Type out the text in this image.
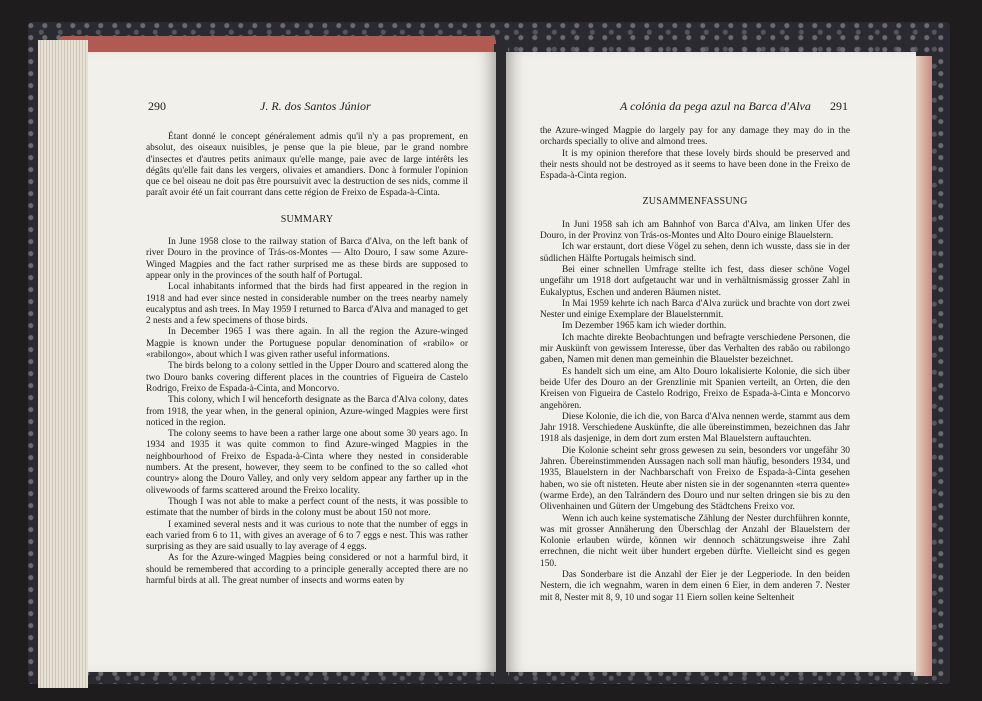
290	J. R. dos Santos Júnior

Étant donné le concept généralement admis qu'il n'y a pas proprement, en absolut, des oiseaux nuisibles, je pense que la pie bleue, par le grand nombre d'insectes et d'autres petits animaux qu'elle mange, paie avec de large intérêts les dégâts qu'elle fait dans les vergers, olivaies et amandiers. Donc à formuler l'opinion que ce bel oiseau ne doit pas être poursuivit avec la destruction de ses nids, comme il paraît avoir été un fait courrant dans cette région de Freixo de Espada-à-Cinta.

SUMMARY

In June 1958 close to the railway station of Barca d'Alva, on the left bank of river Douro in the province of Trás-os-Montes — Alto Douro, I saw some Azure-Winged Magpies and the fact rather surprised me as these birds are supposed to appear only in the provinces of the south half of Portugal.

Local inhabitants informed that the birds had first appeared in the region in 1918 and had ever since nested in considerable number on the trees nearby namely eucalyptus and ash trees. In May 1959 I returned to Barca d'Alva and managed to get 2 nests and a few specimens of those birds.

In December 1965 I was there again. In all the region the Azure-winged Magpie is known under the Portuguese popular denomination of «rabilo» or «rabilongo», about which I was given rather useful informations.

The birds belong to a colony settled in the Upper Douro and scattered along the two Douro banks covering different places in the countries of Figueira de Castelo Rodrigo, Freixo de Espada-à-Cinta, and Moncorvo.

This colony, which I wil henceforth designate as the Barca d'Alva colony, dates from 1918, the year when, in the general opinion, Azure-winged Magpies were first noticed in the region.

The colony seems to have been a rather large one about some 30 years ago. In 1934 and 1935 it was quite common to find Azure-winged Magpies in the neighbourhood of Freixo de Espada-à-Cinta where they nested in considerable numbers. At the present, however, they seem to be confined to the so called «hot country» along the Douro Valley, and only very seldom appear any farther up in the olivewoods of farms scattered around the Freixo locality.

Though I was not able to make a perfect count of the nests, it was possible to estimate that the number of birds in the colony must be about 150 not more.

I examined several nests and it was curious to note that the number of eggs in each varied from 6 to 11, with gives an average of 6 to 7 eggs e nest. This was rather surprising as they are said usually to lay average of 4 eggs.

As for the Azure-winged Magpies being considered or not a harmful bird, it should be remembered that according to a principle generally accepted there are no harmful birds at all. The great number of insects and worms eaten by

A colónia da pega azul na Barca d'Alva 291

the Azure-winged Magpie do largely pay for any damage they may do in the orchards specially to olive and almond trees.

It is my opinion therefore that these lovely birds should be preserved and their nests should not be destroyed as it seems to have been done in the Freixo de Espada-à-Cinta region.

ZUSAMMENFASSUNG

In Juni 1958 sah ich am Bahnhof von Barca d'Alva, am linken Ufer des Douro, in der Provinz von Trás-os-Montes und Alto Douro einige Blauelstern.

Ich war erstaunt, dort diese Vögel zu sehen, denn ich wusste, dass sie in der südlichen Hälfte Portugals heimisch sind.

Bei einer schnellen Umfrage stellte ich fest, dass dieser schöne Vogel ungefähr um 1918 dort aufgetaucht war und in verhältnismässig grosser Zahl in Eukalyptus, Eschen und anderen Bäumen nistet.

In Mai 1959 kehrte ich nach Barca d'Alva zurück und brachte von dort zwei Nester und einige Exemplare der Blauelsternmit.

Im Dezember 1965 kam ich wieder dorthin.

Ich machte direkte Beobachtungen und befragte verschiedene Personen, die mir Auskünft von gewissem Interesse, über das Verhalten des rabão ou rabilongo gaben, Namen mit denen man gemeinhin die Blauelster bezeichnet.

Es handelt sich um eine, am Alto Douro lokalisierte Kolonie, die sich über beide Ufer des Douro an der Grenzlinie mit Spanien verteilt, an Orten, die den Kreisen von Figueira de Castelo Rodrigo, Freixo de Espada-à-Cinta e Moncorvo angehören.

Diese Kolonie, die ich die, von Barca d'Alva nennen werde, stammt aus dem Jahr 1918. Verschiedene Auskünfte, die alle übereinstimmen, bezeichnen das Jahr 1918 als dasjenige, in dem dort zum ersten Mal Blauelstern auftauchten.

Die Kolonie scheint sehr gross gewesen zu sein, besonders vor ungefähr 30 Jahren. Übereinstimmenden Aussagen nach soll man häufig, besonders 1934, und 1935, Blauelstern in der Nachbarschaft von Freixo de Espada-à-Cinta gesehen haben, wo sie oft nisteten. Heute aber nisten sie in der sogenannten «terra quente» (warme Erde), an den Talrändern des Douro und nur selten dringen sie bis zu den Olivenhainen und Gütern der Umgebung des Städtchens Freixo vor.

Wenn ich auch keine systematische Zählung der Nester durchführen konnte, was mit grosser Annäherung den Überschlag der Anzahl der Blauelstern der Kolonie erlauben würde, können wir dennoch schätzungsweise ihre Zahl errechnen, die nicht weit über hundert ergeben dürfte. Vielleicht sind es gegen 150.

Das Sonderbare ist die Anzahl der Eier je der Legperiode. In den beiden Nestern, die ich wegnahm, waren in dem einen 6 Eier, in dem anderen 7. Nester mit 8, Nester mit 8, 9, 10 und sogar 11 Eiern sollen keine Seltenheit
